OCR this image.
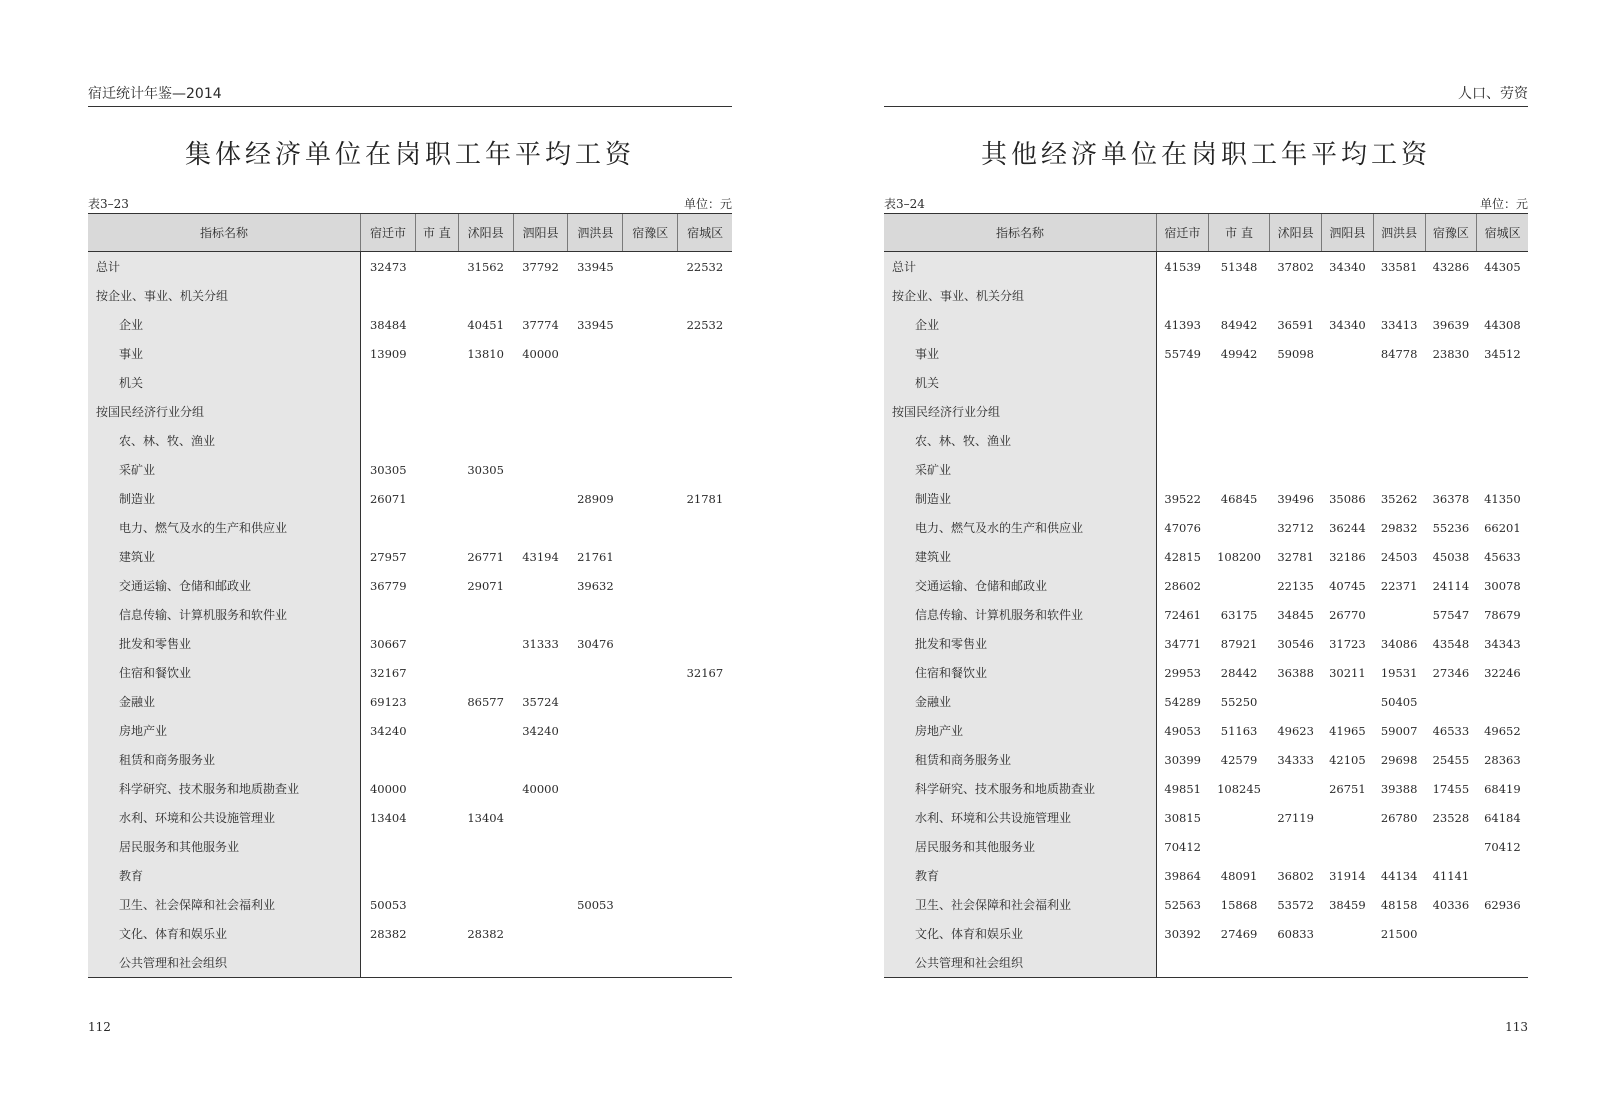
宿迁统计年鉴—2014
集体经济单位在岗职工年平均工资
表3–23	单位：元
指标名称	宿迁市	市 直	沭阳县	泗阳县	泗洪县	宿豫区	宿城区
总计	32473		31562	37792	33945		22532
按企业、事业、机关分组							
企业	38484		40451	37774	33945		22532
事业	13909		13810	40000			
机关							
按国民经济行业分组							
农、林、牧、渔业							
采矿业	30305		30305				
制造业	26071				28909		21781
电力、燃气及水的生产和供应业							
建筑业	27957		26771	43194	21761		
交通运输、仓储和邮政业	36779		29071		39632		
信息传输、计算机服务和软件业							
批发和零售业	30667			31333	30476		
住宿和餐饮业	32167						32167
金融业	69123		86577	35724			
房地产业	34240			34240			
租赁和商务服务业							
科学研究、技术服务和地质勘查业	40000			40000			
水利、环境和公共设施管理业	13404		13404				
居民服务和其他服务业							
教育							
卫生、社会保障和社会福利业	50053				50053		
文化、体育和娱乐业	28382		28382				
公共管理和社会组织							
112
人口、劳资
其他经济单位在岗职工年平均工资
表3–24	单位：元
指标名称	宿迁市	市 直	沭阳县	泗阳县	泗洪县	宿豫区	宿城区
总计	41539	51348	37802	34340	33581	43286	44305
按企业、事业、机关分组							
企业	41393	84942	36591	34340	33413	39639	44308
事业	55749	49942	59098		84778	23830	34512
机关							
按国民经济行业分组							
农、林、牧、渔业							
采矿业							
制造业	39522	46845	39496	35086	35262	36378	41350
电力、燃气及水的生产和供应业	47076		32712	36244	29832	55236	66201
建筑业	42815	108200	32781	32186	24503	45038	45633
交通运输、仓储和邮政业	28602		22135	40745	22371	24114	30078
信息传输、计算机服务和软件业	72461	63175	34845	26770		57547	78679
批发和零售业	34771	87921	30546	31723	34086	43548	34343
住宿和餐饮业	29953	28442	36388	30211	19531	27346	32246
金融业	54289	55250			50405		
房地产业	49053	51163	49623	41965	59007	46533	49652
租赁和商务服务业	30399	42579	34333	42105	29698	25455	28363
科学研究、技术服务和地质勘查业	49851	108245		26751	39388	17455	68419
水利、环境和公共设施管理业	30815		27119		26780	23528	64184
居民服务和其他服务业	70412						70412
教育	39864	48091	36802	31914	44134	41141	
卫生、社会保障和社会福利业	52563	15868	53572	38459	48158	40336	62936
文化、体育和娱乐业	30392	27469	60833		21500		
公共管理和社会组织							
113
